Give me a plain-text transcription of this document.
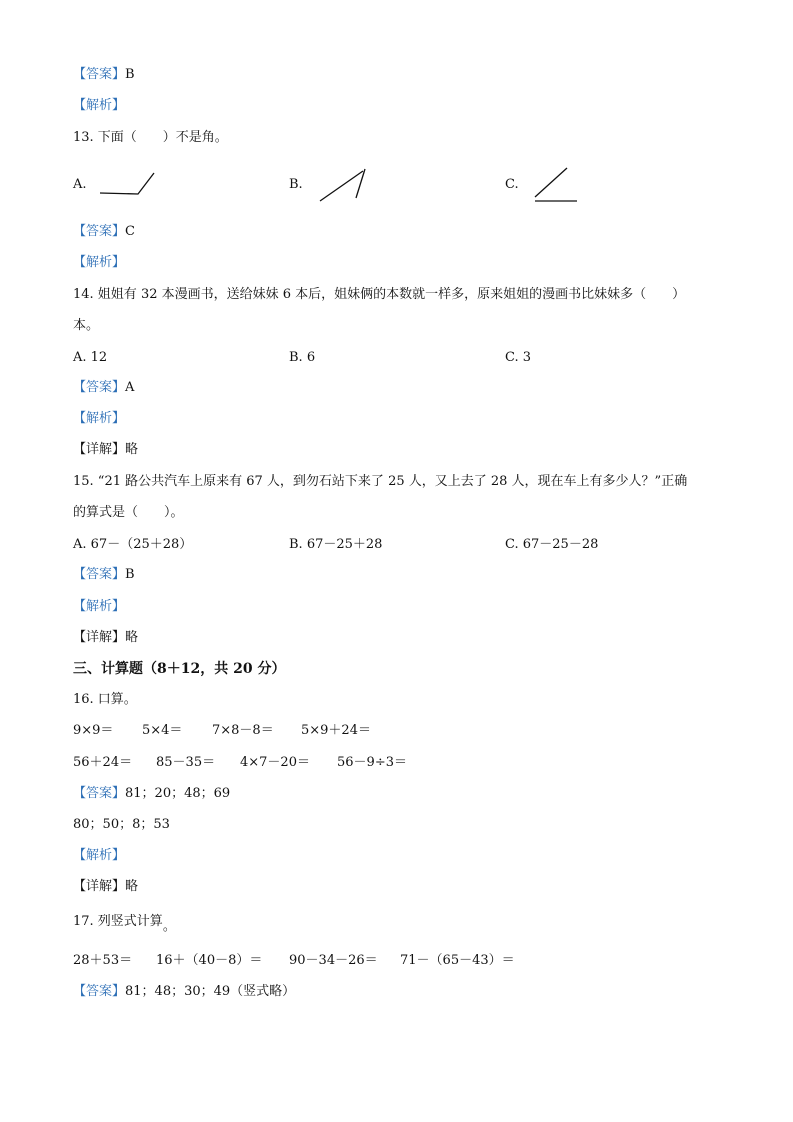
【答案】B
【解析】
13. 下面（　　）不是角。
A.	B.	C.
【答案】C
【解析】
14. 姐姐有 32 本漫画书，送给妹妹 6 本后，姐妹俩的本数就一样多，原来姐姐的漫画书比妹妹多（　　）
本。
A. 12	B. 6	C. 3
【答案】A
【解析】
【详解】略
15. “21 路公共汽车上原来有 67 人，到勿石站下来了 25 人，又上去了 28 人，现在车上有多少人？”正确
的算式是（　　）。
A. 67－（25＋28）	B. 67－25＋28	C. 67－25－28
【答案】B
【解析】
【详解】略
三、计算题（8＋12，共 20 分）
16. 口算。
9×9＝ 5×4＝ 7×8－8＝ 5×9＋24＝
56＋24＝ 85－35＝ 4×7－20＝ 56－9÷3＝
【答案】81；20；48；69
80；50；8；53
【解析】
【详解】略
17. 列竖式计算。
28＋53＝ 16＋（40－8）＝ 90－34－26＝ 71－（65－43）＝
【答案】81；48；30；49（竖式略）
